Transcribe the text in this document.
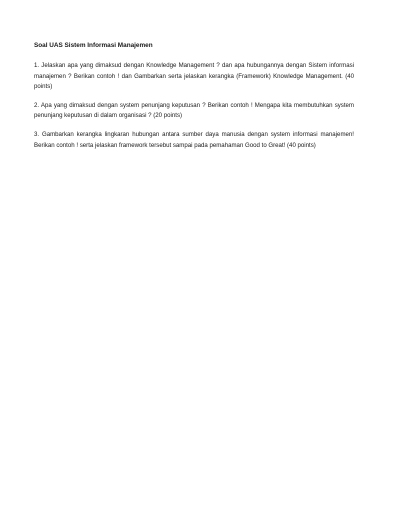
Soal UAS Sistem Informasi Manajemen

1. Jelaskan apa yang dimaksud dengan Knowledge Management ? dan apa hubungannya dengan Sistem informasi manajemen ? Berikan contoh ! dan Gambarkan serta jelaskan kerangka (Framework) Knowledge Management. (40 points)

2. Apa yang dimaksud dengan system penunjang keputusan ? Berikan contoh ! Mengapa kita membutuhkan system penunjang keputusan di dalam organisasi ? (20 points)

3. Gambarkan kerangka lingkaran hubungan antara sumber daya manusia dengan system informasi manajemen! Berikan contoh ! serta jelaskan framework tersebut sampai pada pemahaman Good to Great! (40 points)
